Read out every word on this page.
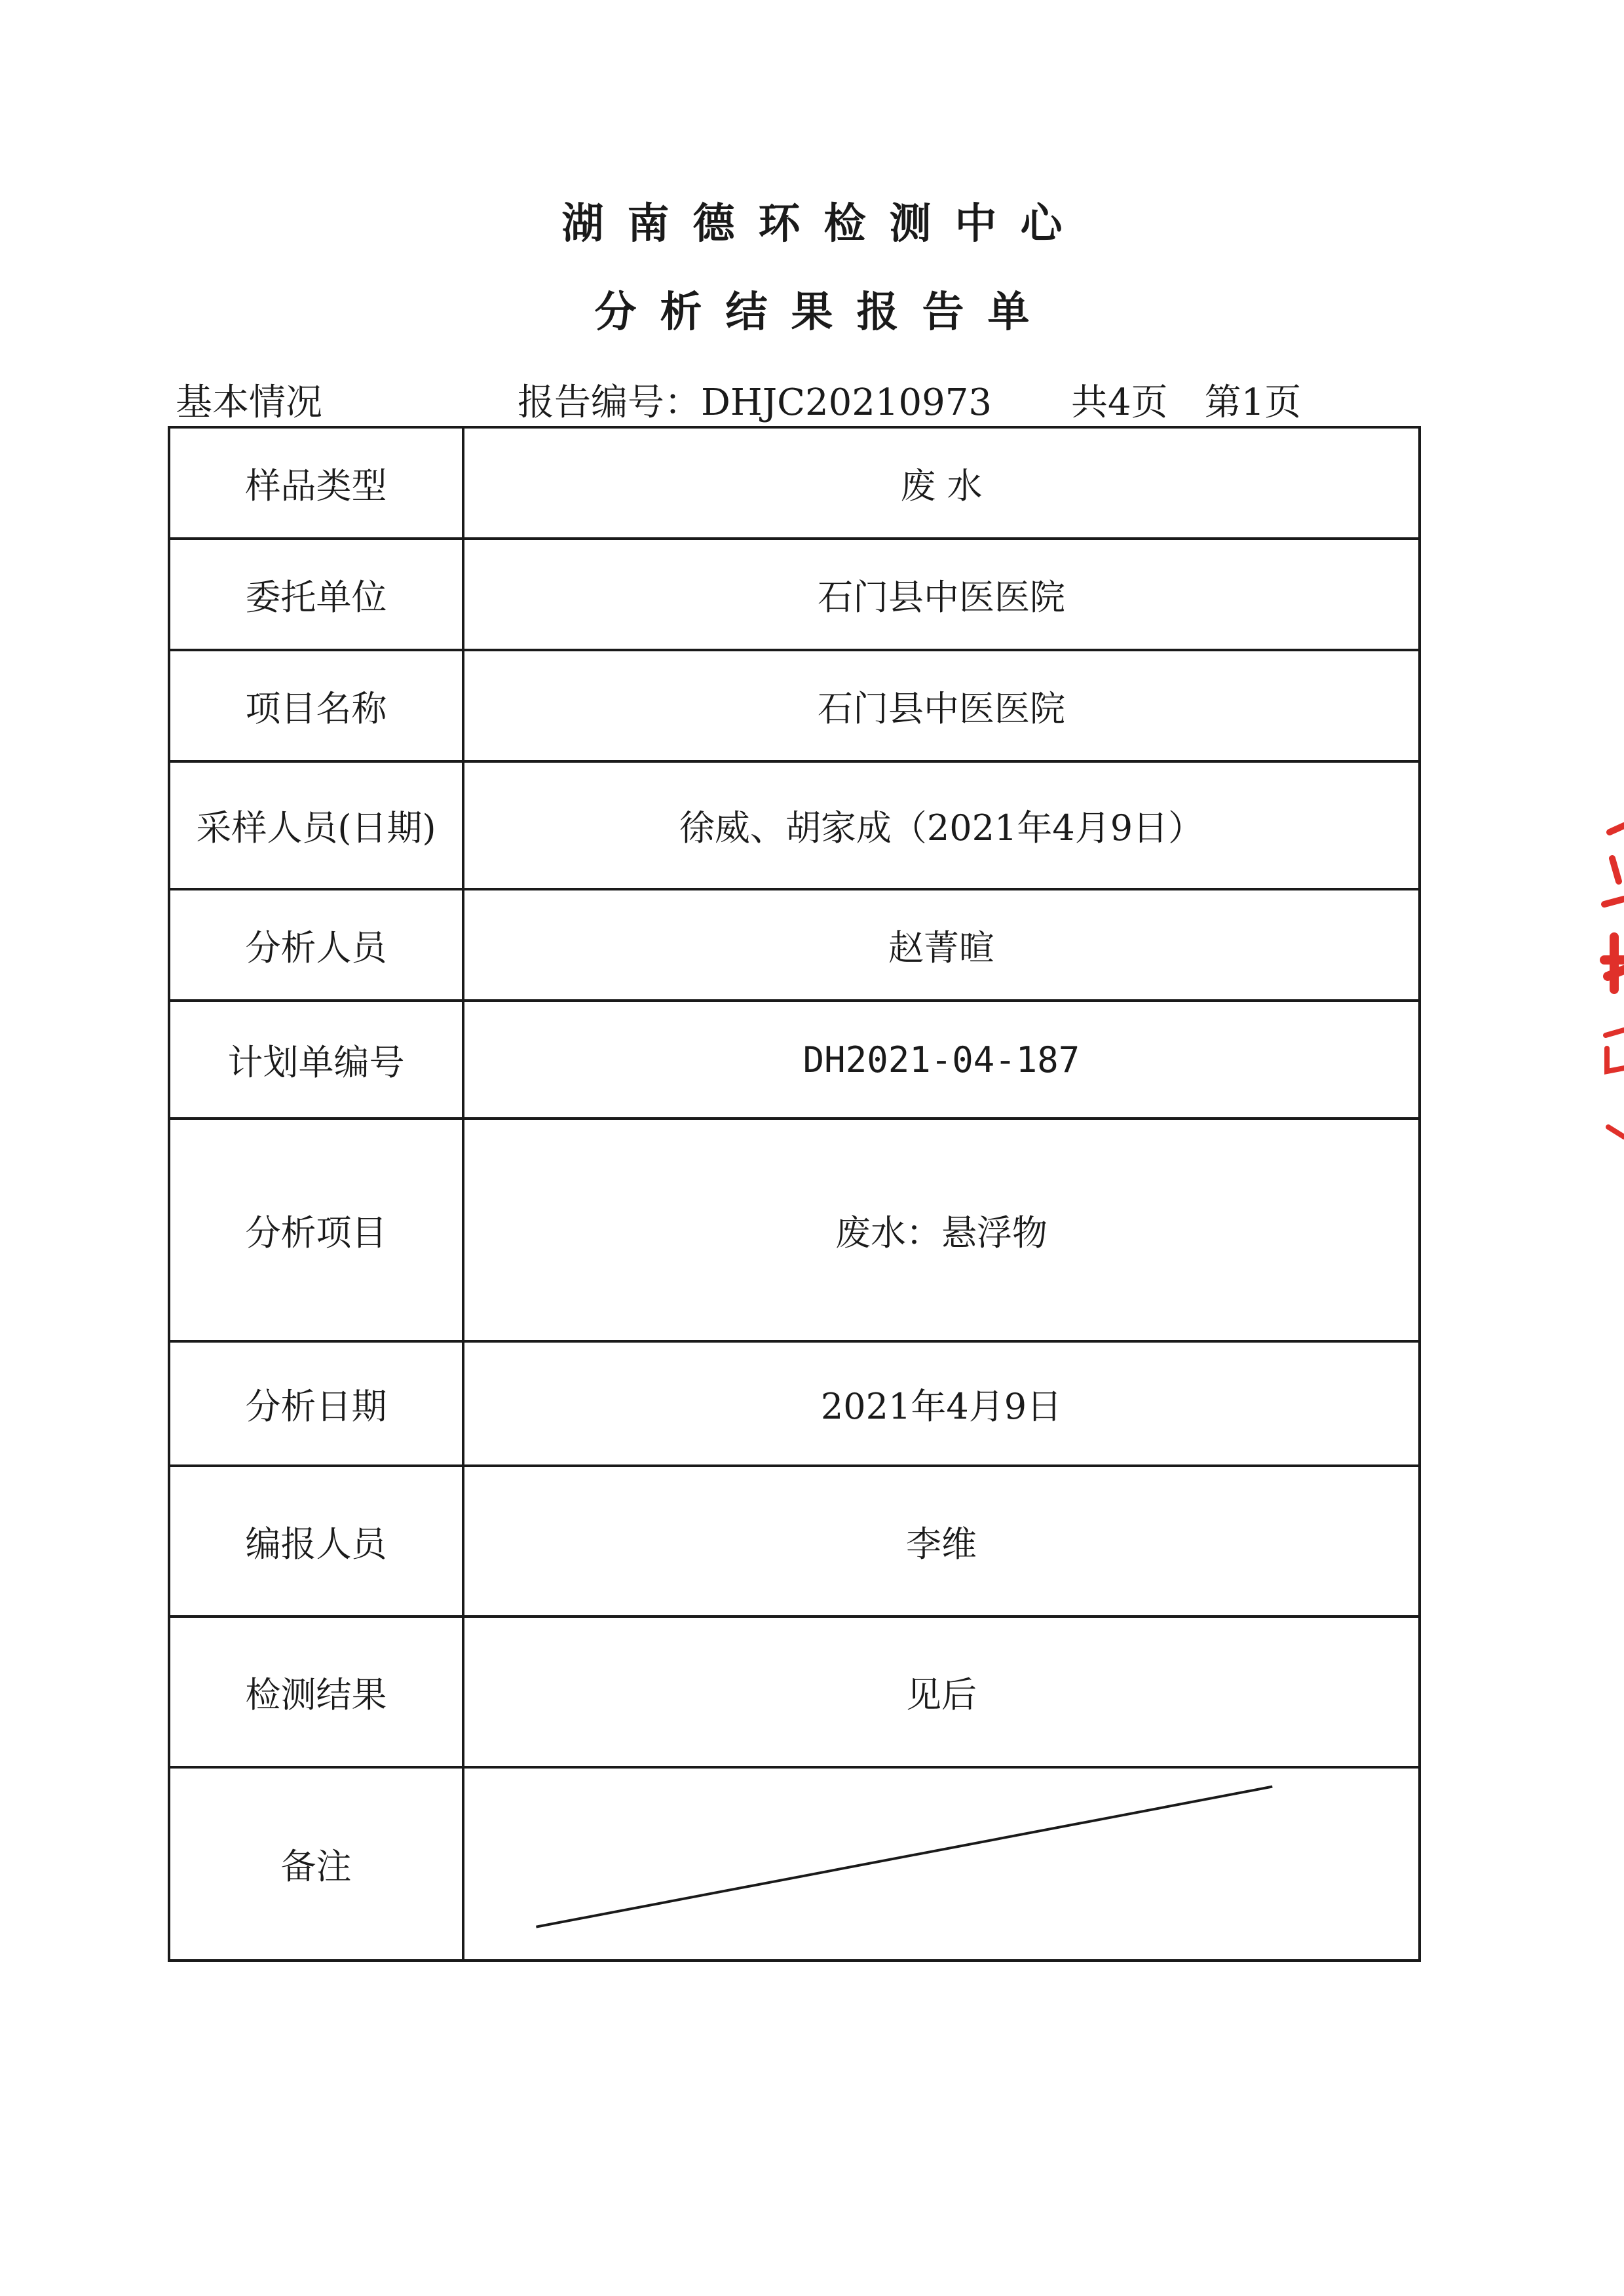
湖南德环检测中心
分析结果报告单
基本情况	报告编号：DHJC20210973 共4页　第1页
样品类型	废 水
委托单位	石门县中医医院
项目名称	石门县中医医院
采样人员(日期)	徐威、胡家成（2021年4月9日）
分析人员	赵菁暄
计划单编号	DH2021-04-187
分析项目	废水：悬浮物
分析日期	2021年4月9日
编报人员	李维
检测结果	见后
备注	
